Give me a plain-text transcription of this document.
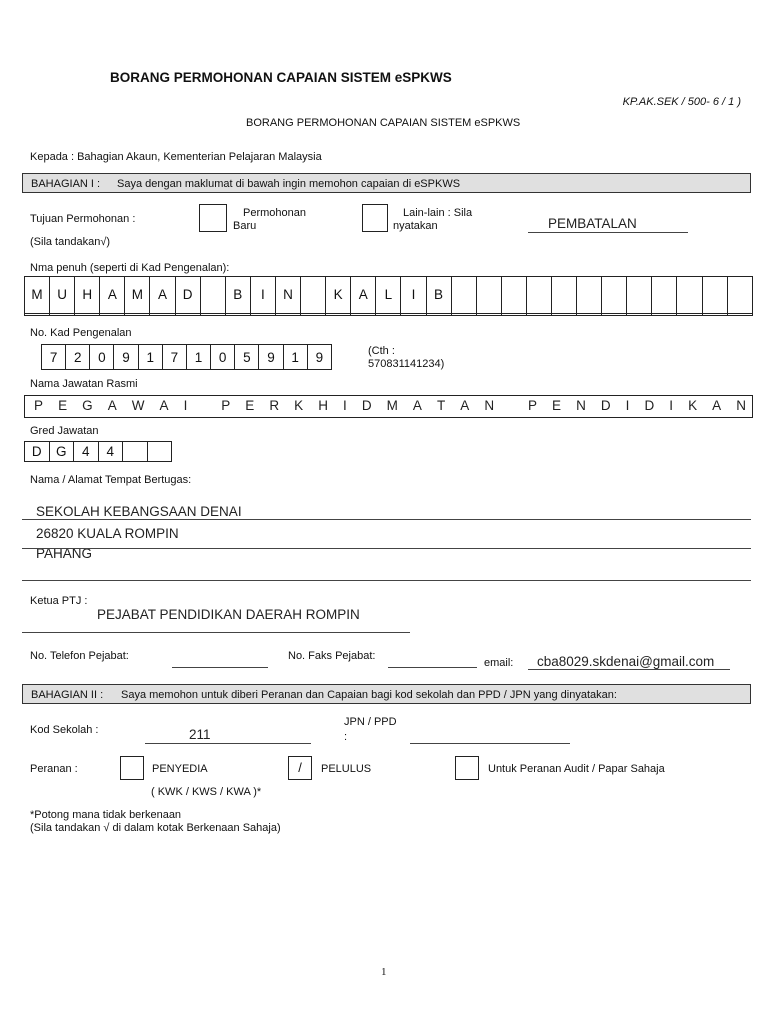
BORANG PERMOHONAN CAPAIAN SISTEM eSPKWS
KP.AK.SEK / 500- 6 / 1 )
BORANG PERMOHONAN CAPAIAN SISTEM eSPKWS
Kepada : Bahagian Akaun, Kementerian Pelajaran Malaysia
BAHAGIAN I : Saya dengan maklumat di bawah ingin memohon capaian di eSPKWS
Tujuan Permohonan :
(Sila tandakan√)
Permohonan
Baru
Lain-lain : Sila
nyatakan	PEMBATALAN
Nma penuh (seperti di Kad Pengenalan):
M	U	H	A	M	A	D		B	I	N		K	A	L	I	B												

No. Kad Pengenalan
7	2	0	9	1	7	1	0	5	9	1	9	(Cth :
570831141234)
Nama Jawatan Rasmi
P E G A W A I
	P E R K H I D M A T A N
	P E N D I D I K A N
Gred Jawatan
D	G	4	4		
Nama / Alamat Tempat Bertugas:
SEKOLAH KEBANGSAAN DENAI
26820 KUALA ROMPIN
PAHANG
Ketua PTJ :
PEJABAT PENDIDIKAN DAERAH ROMPIN
No. Telefon Pejabat:	No. Faks Pejabat:
email: cba8029.skdenai@gmail.com
BAHAGIAN II : Saya memohon untuk diberi Peranan dan Capaian bagi kod sekolah dan PPD / JPN yang dinyatakan:
Kod Sekolah :	211
JPN / PPD
:
Peranan :	PENYEDIA	/	PELULUS	Untuk Peranan Audit / Papar Sahaja
( KWK / KWS / KWA )*
*Potong mana tidak berkenaan
(Sila tandakan √ di dalam kotak Berkenaan Sahaja)
1
